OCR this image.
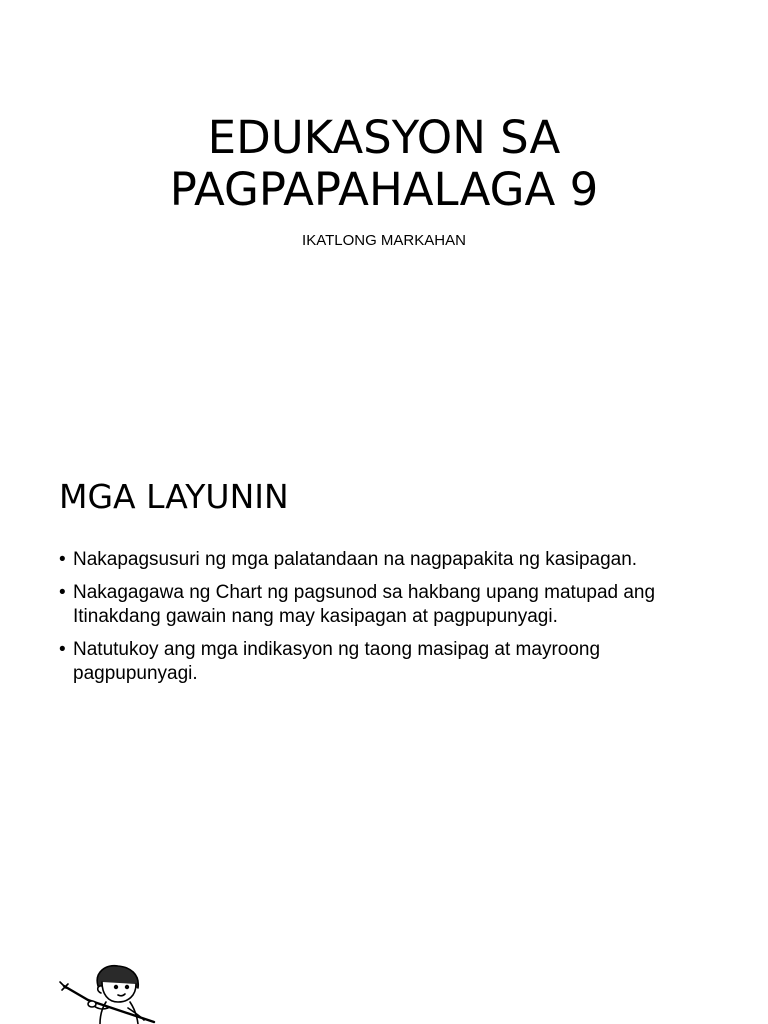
EDUKASYON SA
PAGPAPAHALAGA 9

IKATLONG MARKAHAN

MGA LAYUNIN
• Nakapagsusuri ng mga palatandaan na nagpapakita ng kasipagan.
• Nakagagawa ng Chart ng pagsunod sa hakbang upang matupad ang Itinakdang gawain nang may kasipagan at pagpupunyagi.
• Natutukoy ang mga indikasyon ng taong masipag at mayroong pagpupunyagi.
